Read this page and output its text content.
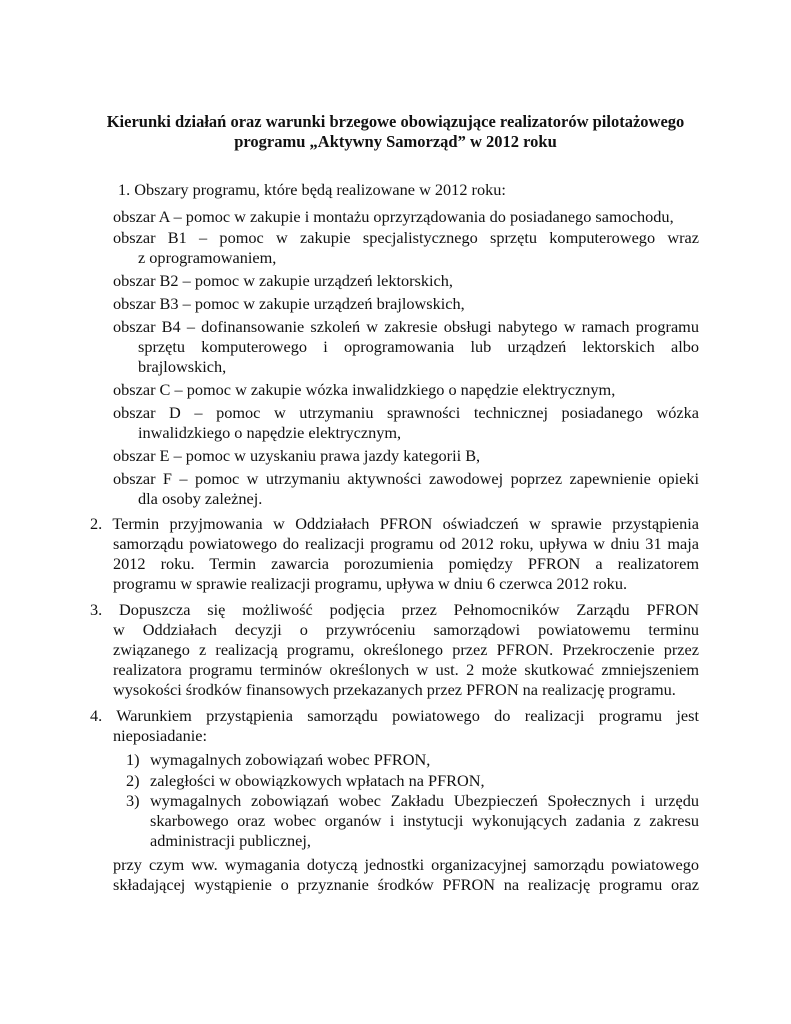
Kierunki działań oraz warunki brzegowe obowiązujące realizatorów pilotażowego
programu „Aktywny Samorząd” w 2012 roku
1. Obszary programu, które będą realizowane w 2012 roku:
obszar A – pomoc w zakupie i montażu oprzyrządowania do posiadanego samochodu,
obszar B1 – pomoc w zakupie specjalistycznego sprzętu komputerowego wraz
z oprogramowaniem,
obszar B2 – pomoc w zakupie urządzeń lektorskich,
obszar B3 – pomoc w zakupie urządzeń brajlowskich,
obszar B4 – dofinansowanie szkoleń w zakresie obsługi nabytego w ramach programu
sprzętu komputerowego i oprogramowania lub urządzeń lektorskich albo
brajlowskich,
obszar C – pomoc w zakupie wózka inwalidzkiego o napędzie elektrycznym,
obszar D – pomoc w utrzymaniu sprawności technicznej posiadanego wózka
inwalidzkiego o napędzie elektrycznym,
obszar E – pomoc w uzyskaniu prawa jazdy kategorii B,
obszar F – pomoc w utrzymaniu aktywności zawodowej poprzez zapewnienie opieki
dla osoby zależnej.
2. Termin przyjmowania w Oddziałach PFRON oświadczeń w sprawie przystąpienia
samorządu powiatowego do realizacji programu od 2012 roku, upływa w dniu 31 maja
2012 roku. Termin zawarcia porozumienia pomiędzy PFRON a realizatorem
programu w sprawie realizacji programu, upływa w dniu 6 czerwca 2012 roku.
3. Dopuszcza się możliwość podjęcia przez Pełnomocników Zarządu PFRON
w Oddziałach decyzji o przywróceniu samorządowi powiatowemu terminu
związanego z realizacją programu, określonego przez PFRON. Przekroczenie przez
realizatora programu terminów określonych w ust. 2 może skutkować zmniejszeniem
wysokości środków finansowych przekazanych przez PFRON na realizację programu.
4. Warunkiem przystąpienia samorządu powiatowego do realizacji programu jest
nieposiadanie:
1) wymagalnych zobowiązań wobec PFRON,
2) zaległości w obowiązkowych wpłatach na PFRON,
3) wymagalnych zobowiązań wobec Zakładu Ubezpieczeń Społecznych i urzędu
skarbowego oraz wobec organów i instytucji wykonujących zadania z zakresu
administracji publicznej,
przy czym ww. wymagania dotyczą jednostki organizacyjnej samorządu powiatowego
składającej wystąpienie o przyznanie środków PFRON na realizację programu oraz
